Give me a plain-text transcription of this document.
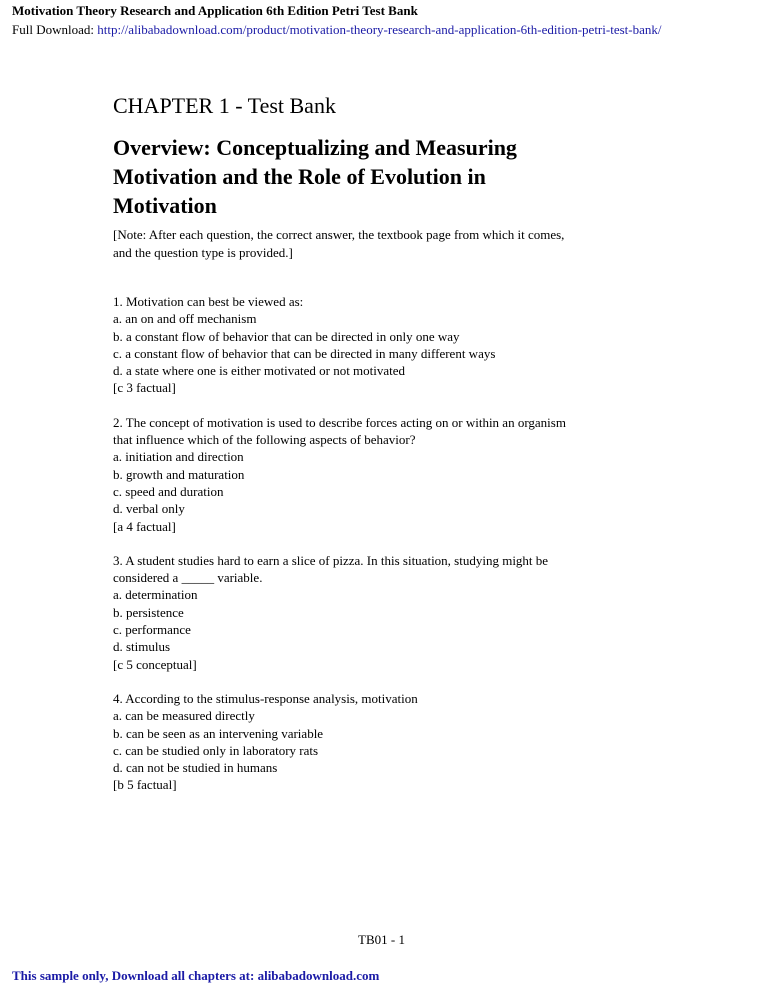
Motivation Theory Research and Application 6th Edition Petri Test Bank
Full Download: http://alibabadownload.com/product/motivation-theory-research-and-application-6th-edition-petri-test-bank/
CHAPTER 1 - Test Bank
Overview: Conceptualizing and Measuring
Motivation and the Role of Evolution in
Motivation
[Note: After each question, the correct answer, the textbook page from which it comes,
and the question type is provided.]
1. Motivation can best be viewed as:
a. an on and off mechanism
b. a constant flow of behavior that can be directed in only one way
c. a constant flow of behavior that can be directed in many different ways
d. a state where one is either motivated or not motivated
[c 3 factual]
2. The concept of motivation is used to describe forces acting on or within an organism
that influence which of the following aspects of behavior?
a. initiation and direction
b. growth and maturation
c. speed and duration
d. verbal only
[a 4 factual]
3. A student studies hard to earn a slice of pizza. In this situation, studying might be
considered a _____ variable.
a. determination
b. persistence
c. performance
d. stimulus
[c 5 conceptual]
4. According to the stimulus-response analysis, motivation
a. can be measured directly
b. can be seen as an intervening variable
c. can be studied only in laboratory rats
d. can not be studied in humans
[b 5 factual]
TB01 - 1
This sample only, Download all chapters at: alibabadownload.com
